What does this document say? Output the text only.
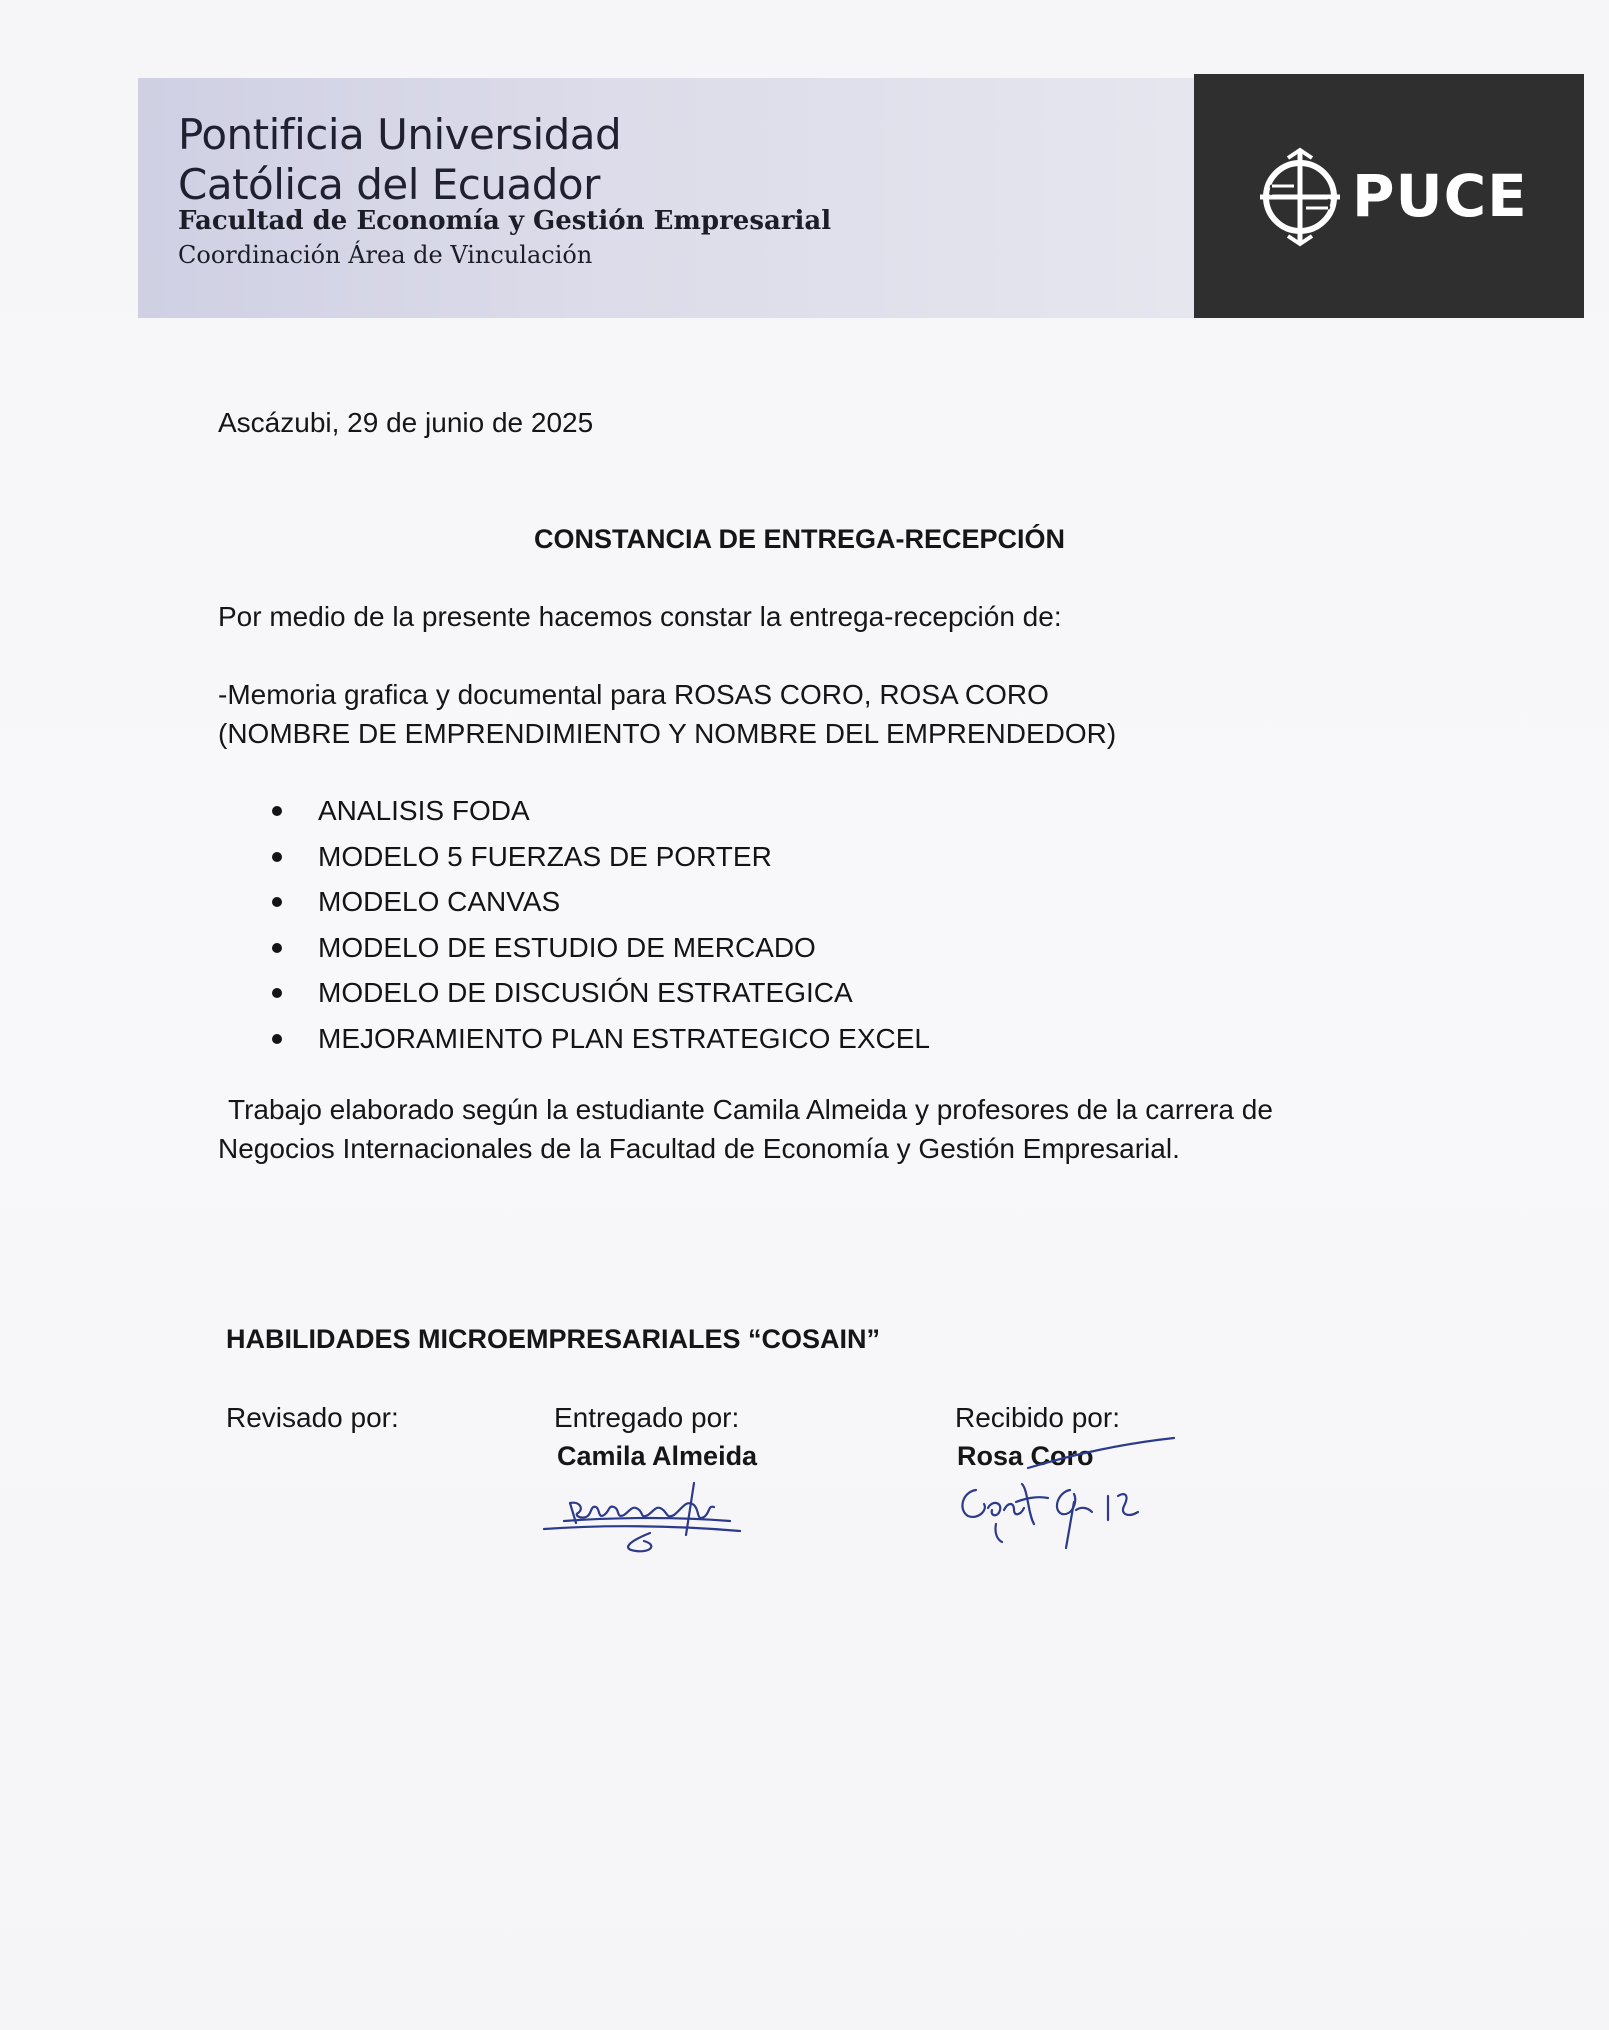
Pontificia Universidad
Católica del Ecuador
Facultad de Economía y Gestión Empresarial
Coordinación Área de Vinculación
PUCE
Ascázubi, 29 de junio de 2025
CONSTANCIA DE ENTREGA-RECEPCIÓN
Por medio de la presente hacemos constar la entrega-recepción de:
-Memoria grafica y documental para ROSAS CORO, ROSA CORO
(NOMBRE DE EMPRENDIMIENTO Y NOMBRE DEL EMPRENDEDOR)
ANALISIS FODA
MODELO 5 FUERZAS DE PORTER
MODELO CANVAS
MODELO DE ESTUDIO DE MERCADO
MODELO DE DISCUSIÓN ESTRATEGICA
MEJORAMIENTO PLAN ESTRATEGICO EXCEL
Trabajo elaborado según la estudiante Camila Almeida y profesores de la carrera de
Negocios Internacionales de la Facultad de Economía y Gestión Empresarial.
HABILIDADES MICROEMPRESARIALES “COSAIN”
Revisado por:	Entregado por:
Camila Almeida
Recibido por:
Rosa Coro
